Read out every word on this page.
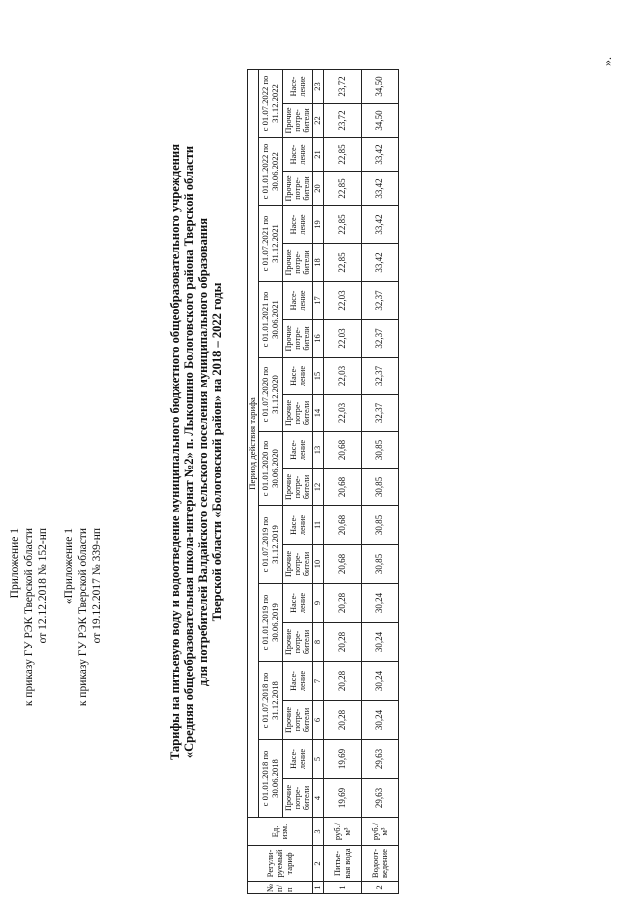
Приложение 1 к приказу ГУ РЭК Тверской области от 12.12.2018 № 152-нп «Приложение 1 к приказу ГУ РЭК Тверской области от 19.12.2017 № 339-нп	Тарифы на питьевую воду и водоотведение муниципального бюджетного общеобразовательного учреждения «Средняя общеобразовательная школа-интернат №2» п. Лыкошино Бологовского района Тверской области для потребителей Валдайского сельского поселения муниципального образования Тверской области «Бологовский район» на 2018 – 2022 годы
№ п/п	Регули-руемый тариф	Ед. изм.	Период действия тарифа																			
			с 01.01.2018 по 30.06.2018		с 01.07.2018 по 31.12.2018		с 01.01.2019 по 30.06.2019		с 01.07.2019 по 31.12.2019		с 01.01.2020 по 30.06.2020		с 01.07.2020 по 31.12.2020		с 01.01.2021 по 30.06.2021		с 01.07.2021 по 31.12.2021		с 01.01.2022 по 30.06.2022		с 01.07.2022 по 31.12.2022	
			Прочие потре-бители	Насе-ление	Прочие потре-бители	Насе-ление	Прочие потре-бители	Насе-ление	Прочие потре-бители	Насе-ление	Прочие потре-бители	Насе-ление	Прочие потре-бители	Насе-ление	Прочие потре-бители	Насе-ление	Прочие потре-бители	Насе-ление	Прочие потре-бители	Насе-ление	Прочие потре-бители	Насе-ление
1	2	3	4	5	6	7	8	9	10	11	12	13	14	15	16	17	18	19	20	21	22	23
1	Питье-вая вода	руб./м³	19,69	19,69	20,28	20,28	20,28	20,28	20,68	20,68	20,68	20,68	22,03	22,03	22,03	22,03	22,85	22,85	22,85	22,85	23,72	23,72
2	Водоот-ведение	руб./м³	29,63	29,63	30,24	30,24	30,24	30,24	30,85	30,85	30,85	30,85	32,37	32,37	32,37	32,37	33,42	33,42	33,42	33,42	34,50	34,50
».
